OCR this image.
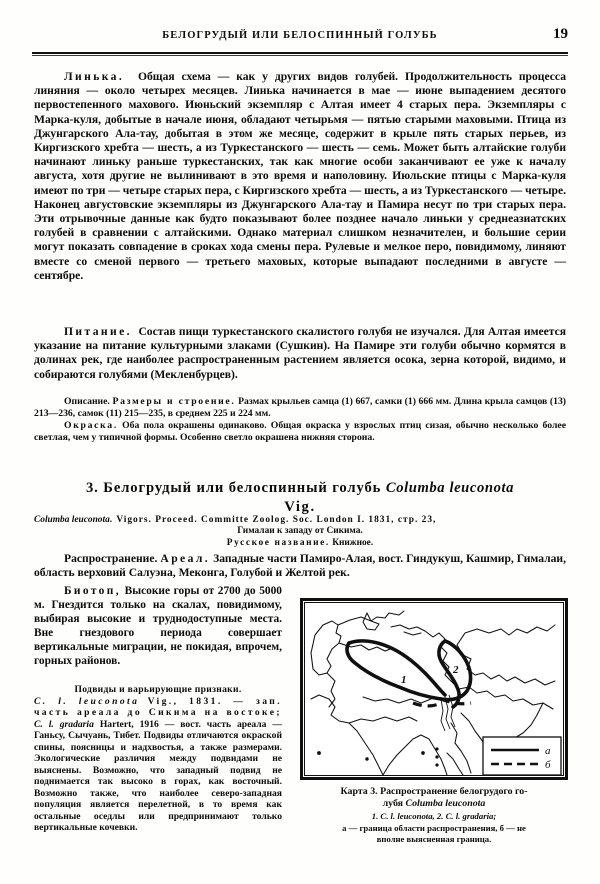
БЕЛОГРУДЫЙ ИЛИ БЕЛОСПИННЫЙ ГОЛУБЬ	19

Линька. Общая схема — как у других видов голубей. Продолжительность процесса линяния — около четырех месяцев. Линька начинается в мае — июне выпадением десятого первостепенного махового. Июньский экземпляр с Алтая имеет 4 старых пера. Экземпляры с Марка-куля, добытые в начале июня, обладают четырьмя — пятью старыми маховыми. Птица из Джунгарского Ала-тау, добытая в этом же месяце, содержит в крыле пять старых перьев, из Киргизского хребта — шесть, а из Туркестанского — шесть — семь. Может быть алтайские голуби начинают линьку раньше туркестанских, так как многие особи заканчивают ее уже к началу августа, хотя другие не вылинивают в это время и наполовину. Июльские птицы с Марка-куля имеют по три — четыре старых пера, с Киргизского хребта — шесть, а из Туркестанского — четыре. Наконец августовские экземпляры из Джунгарского Ала-тау и Памира несут по три старых пера. Эти отрывочные данные как будто показывают более позднее начало линьки у среднеазиатских голубей в сравнении с алтайскими. Однако материал слишком незначителен, и большие серии могут показать совпадение в сроках хода смены пера. Рулевые и мелкое перо, повидимому, линяют вместе со сменой первого — третьего маховых, которые выпадают последними в августе — сентябре.

Питание. Состав пищи туркестанского скалистого голубя не изучался. Для Алтая имеется указание на питание культурными злаками (Сушкин). На Памире эти голуби обычно кормятся в долинах рек, где наиболее распространенным растением является осока, зерна которой, видимо, и собираются голубями (Мекленбурцев).

Описание. Размеры и строение. Размах крыльев самца (1) 667, самки (1) 666 мм. Длина крыла самцов (13) 213—236, самок (11) 215—235, в среднем 225 и 224 мм.

Окраска. Оба пола окрашены одинаково. Общая окраска у взрослых птиц сизая, обычно несколько более светлая, чем у типичной формы. Особенно светло окрашена нижняя сторона.

3. Белогрудый или белоспинный голубь Columba leuconota
Vig.
Columba leuconota. Vigors. Proceed. Committe Zoolog. Soc. London I. 1831, стр. 23,
Гималаи к западу от Сикима.
Русское название. Книжное.

Распространение. Ареал. Западные части Памиро-Алая, вост. Гиндукуш, Кашмир, Гималаи, область верховий Салуэна, Меконга, Голубой и Желтой рек.

Биотоп, Высокие горы от 2700 до 5000 м. Гнездится только на скалах, повидимому, выбирая высокие и труднодоступные места. Вне гнездового периода совершает вертикальные миграции, не покидая, впрочем, горных районов.

Подвиды и варьирующие признаки.
C. l. leuconota Vig., 1831. — зап. часть ареала до Сикима на востоке; C. l. gradaria Hartert, 1916 — вост. часть ареала — Ганьсу, Сычуань, Тибет. Подвиды отличаются окраской спины, поясницы и надхвостья, а также размерами. Экологические различия между подвидами не выяснены. Возможно, что западный подвид не поднимается так высоко в горах, как восточный. Возможно также, что наиболее северо-западная популяция является перелетной, в то время как остальные оседлы или предпринимают только вертикальные кочевки.
1
2
а
б
Карта 3. Распространение белогрудого го-
лубя Columba leuconota
1. C. l. leuconota, 2. C. l. gradaria;
а — граница области распространения, б — не
вполне выясненная граница.
